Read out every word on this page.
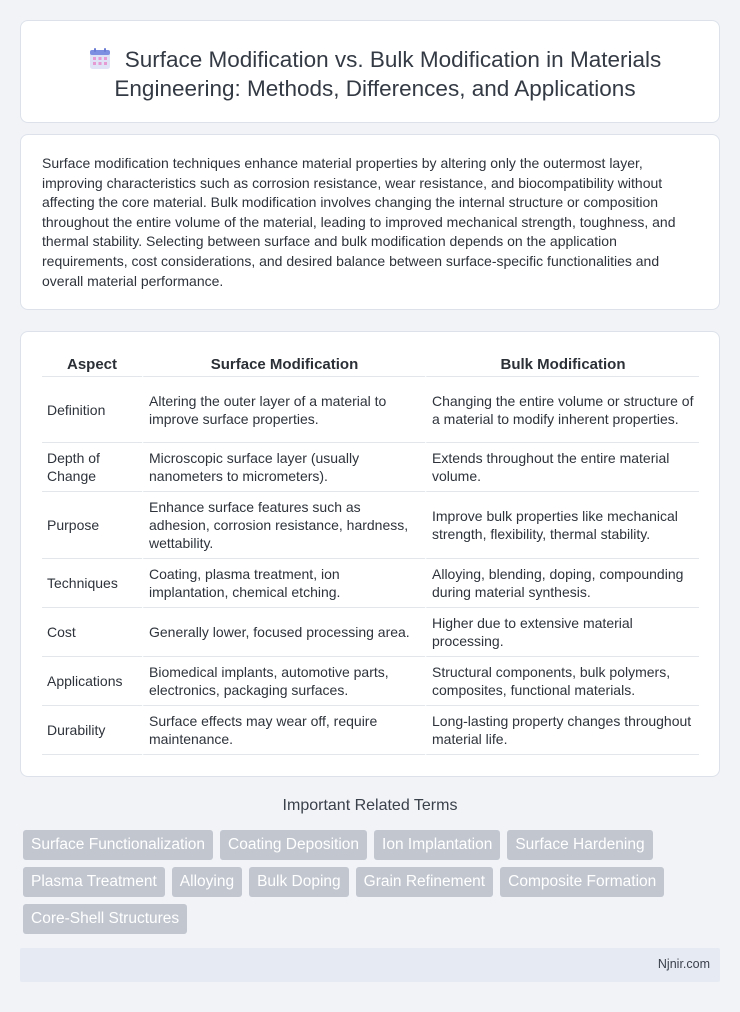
Surface Modification vs. Bulk Modification in Materials Engineering: Methods, Differences, and Applications

Surface modification techniques enhance material properties by altering only the outermost layer, improving characteristics such as corrosion resistance, wear resistance, and biocompatibility without affecting the core material. Bulk modification involves changing the internal structure or composition throughout the entire volume of the material, leading to improved mechanical strength, toughness, and thermal stability. Selecting between surface and bulk modification depends on the application requirements, cost considerations, and desired balance between surface-specific functionalities and overall material performance.

Aspect	Surface Modification	Bulk Modification
Definition	Altering the outer layer of a material to improve surface properties.	Changing the entire volume or structure of a material to modify inherent properties.
Depth of Change	Microscopic surface layer (usually nanometers to micrometers).	Extends throughout the entire material volume.
Purpose	Enhance surface features such as adhesion, corrosion resistance, hardness, wettability.	Improve bulk properties like mechanical strength, flexibility, thermal stability.
Techniques	Coating, plasma treatment, ion implantation, chemical etching.	Alloying, blending, doping, compounding during material synthesis.
Cost	Generally lower, focused processing area.	Higher due to extensive material processing.
Applications	Biomedical implants, automotive parts, electronics, packaging surfaces.	Structural components, bulk polymers, composites, functional materials.
Durability	Surface effects may wear off, require maintenance.	Long-lasting property changes throughout material life.
Important Related Terms
Surface Functionalization	Coating Deposition	Ion Implantation	Surface Hardening
Plasma Treatment	Alloying	Bulk Doping	Grain Refinement	Composite Formation
Core-Shell Structures
Njnir.com
